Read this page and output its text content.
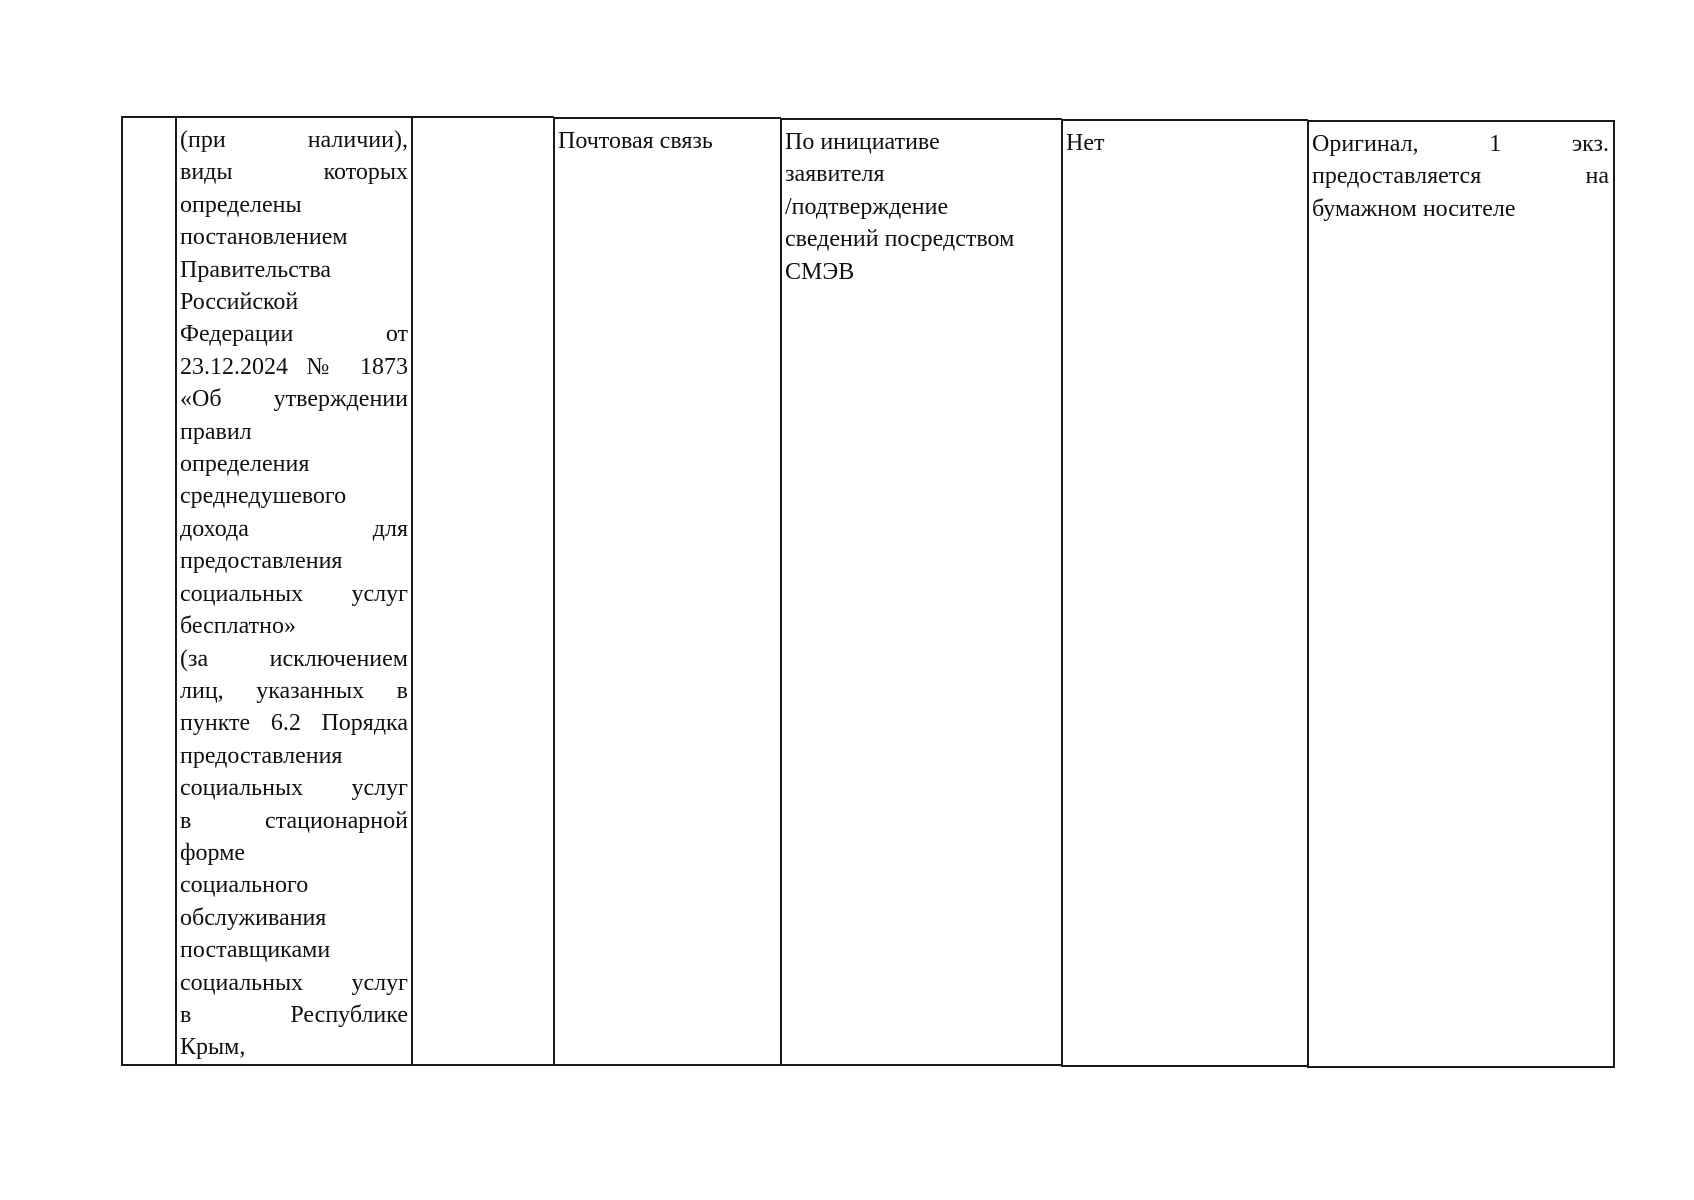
(при наличии),
виды которых
определены
постановлением
Правительства
Российской
Федерации от
23.12.2024 № 1873
«Об утверждении
правил
определения
среднедушевого
дохода для
предоставления
социальных услуг
бесплатно»
(за исключением
лиц, указанных в
пункте 6.2 Порядка
предоставления
социальных услуг
в стационарной
форме
социального
обслуживания
поставщиками
социальных услуг
в Республике
Крым,
Почтовая связь	По инициативе
заявителя
/подтверждение
сведений посредством
СМЭВ
Нет	Оригинал, 1 экз.
предоставляется на
бумажном носителе
